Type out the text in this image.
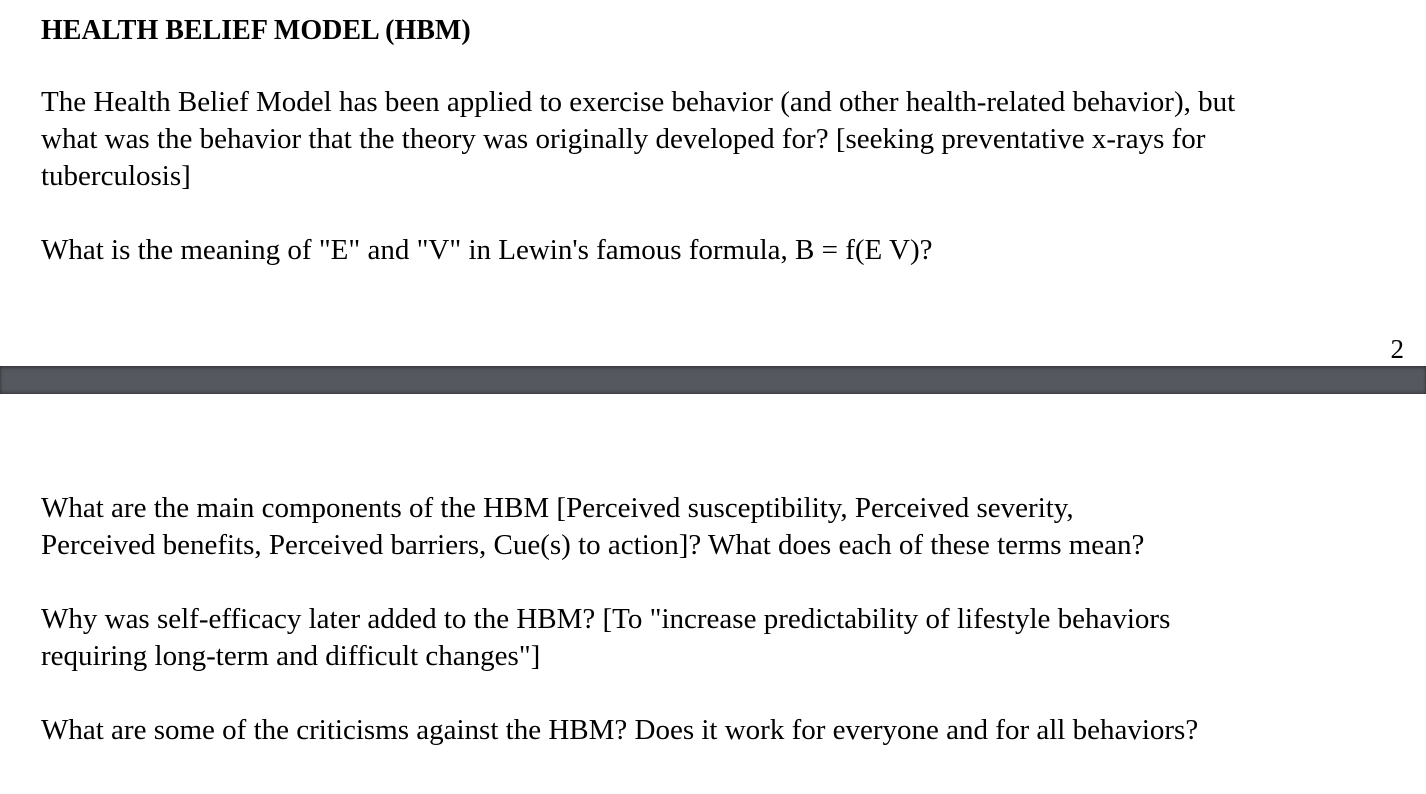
HEALTH BELIEF MODEL (HBM)

The Health Belief Model has been applied to exercise behavior (and other health-related behavior), but
what was the behavior that the theory was originally developed for? [seeking preventative x-rays for
tuberculosis]

What is the meaning of "E" and "V" in Lewin's famous formula, B = f(E V)?

2

What are the main components of the HBM [Perceived susceptibility, Perceived severity,
Perceived benefits, Perceived barriers, Cue(s) to action]? What does each of these terms mean?

Why was self-efficacy later added to the HBM? [To "increase predictability of lifestyle behaviors
requiring long-term and difficult changes"]

What are some of the criticisms against the HBM? Does it work for everyone and for all behaviors?
